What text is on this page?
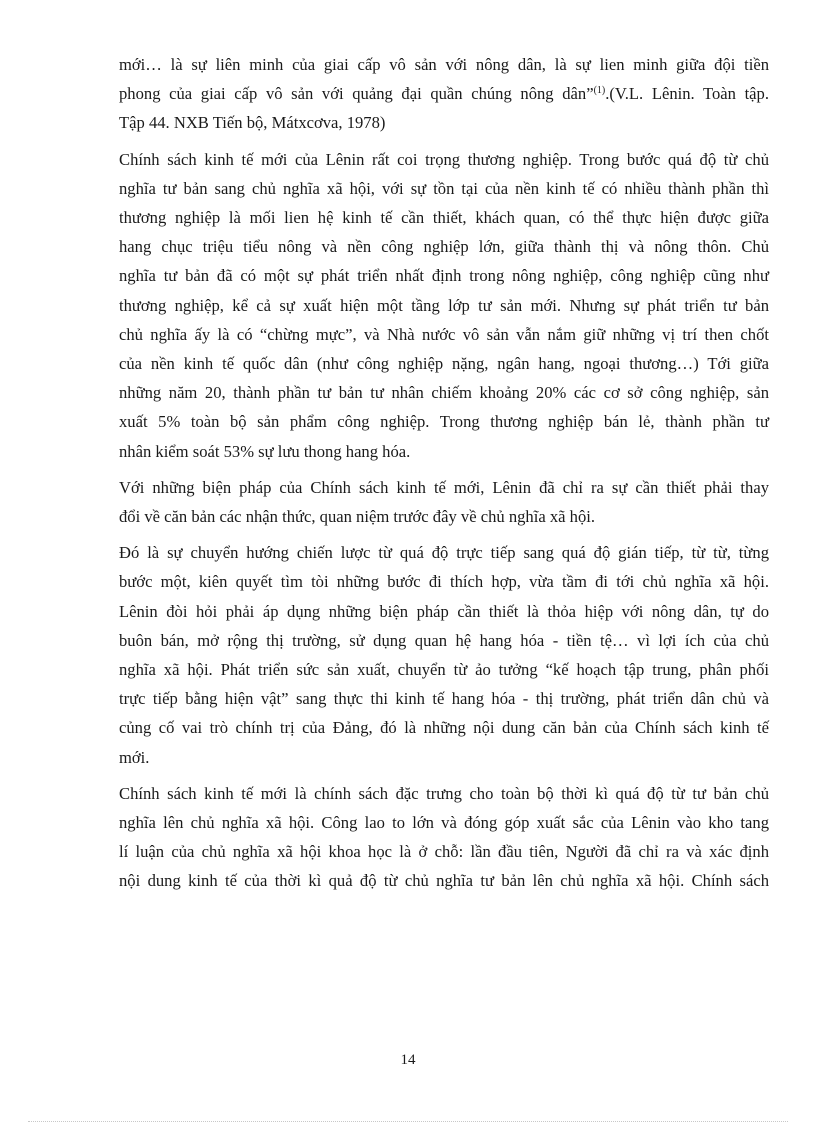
mới… là sự liên minh của giai cấp vô sản với nông dân, là sự lien minh giữa đội tiền
phong của giai cấp vô sản với quảng đại quần chúng nông dân”$^{(1)}$.(V.L. Lênin. Toàn tập.
Tập 44. NXB Tiến bộ, Mátxcơva, 1978)

Chính sách kinh tế mới của Lênin rất coi trọng thương nghiệp. Trong bước quá độ từ chủ
nghĩa tư bản sang chủ nghĩa xã hội, với sự tồn tại của nền kinh tế có nhiều thành phần thì
thương nghiệp là mối lien hệ kinh tế cần thiết, khách quan, có thể thực hiện được giữa
hang chục triệu tiểu nông và nền công nghiệp lớn, giữa thành thị và nông thôn. Chủ
nghĩa tư bản đã có một sự phát triển nhất định trong nông nghiệp, công nghiệp cũng như
thương nghiệp, kể cả sự xuất hiện một tầng lớp tư sản mới. Nhưng sự phát triển tư bản
chủ nghĩa ấy là có “chừng mực”, và Nhà nước vô sản vẫn nắm giữ những vị trí then chốt
của nền kinh tế quốc dân (như công nghiệp nặng, ngân hang, ngoại thương…) Tới giữa
những năm 20, thành phần tư bản tư nhân chiếm khoảng 20% các cơ sở công nghiệp, sản
xuất 5% toàn bộ sản phẩm công nghiệp. Trong thương nghiệp bán lẻ, thành phần tư
nhân kiểm soát 53% sự lưu thong hang hóa.

Với những biện pháp của Chính sách kinh tế mới, Lênin đã chỉ ra sự cần thiết phải thay
đổi về căn bản các nhận thức, quan niệm trước đây về chủ nghĩa xã hội.

Đó là sự chuyển hướng chiến lược từ quá độ trực tiếp sang quá độ gián tiếp, từ từ, từng
bước một, kiên quyết tìm tòi những bước đi thích hợp, vừa tầm đi tới chủ nghĩa xã hội.
Lênin đòi hỏi phải áp dụng những biện pháp cần thiết là thỏa hiệp với nông dân, tự do
buôn bán, mở rộng thị trường, sử dụng quan hệ hang hóa - tiền tệ… vì lợi ích của chủ
nghĩa xã hội. Phát triển sức sản xuất, chuyển từ ảo tưởng “kế hoạch tập trung, phân phối
trực tiếp bằng hiện vật” sang thực thi kinh tế hang hóa - thị trường, phát triển dân chủ và
củng cố vai trò chính trị của Đảng, đó là những nội dung căn bản của Chính sách kinh tế
mới.

Chính sách kinh tế mới là chính sách đặc trưng cho toàn bộ thời kì quá độ từ tư bản chủ
nghĩa lên chủ nghĩa xã hội. Công lao to lớn và đóng góp xuất sắc của Lênin vào kho tang
lí luận của chủ nghĩa xã hội khoa học là ở chỗ: lần đầu tiên, Người đã chỉ ra và xác định
nội dung kinh tế của thời kì quả độ từ chủ nghĩa tư bản lên chủ nghĩa xã hội. Chính sách

14
